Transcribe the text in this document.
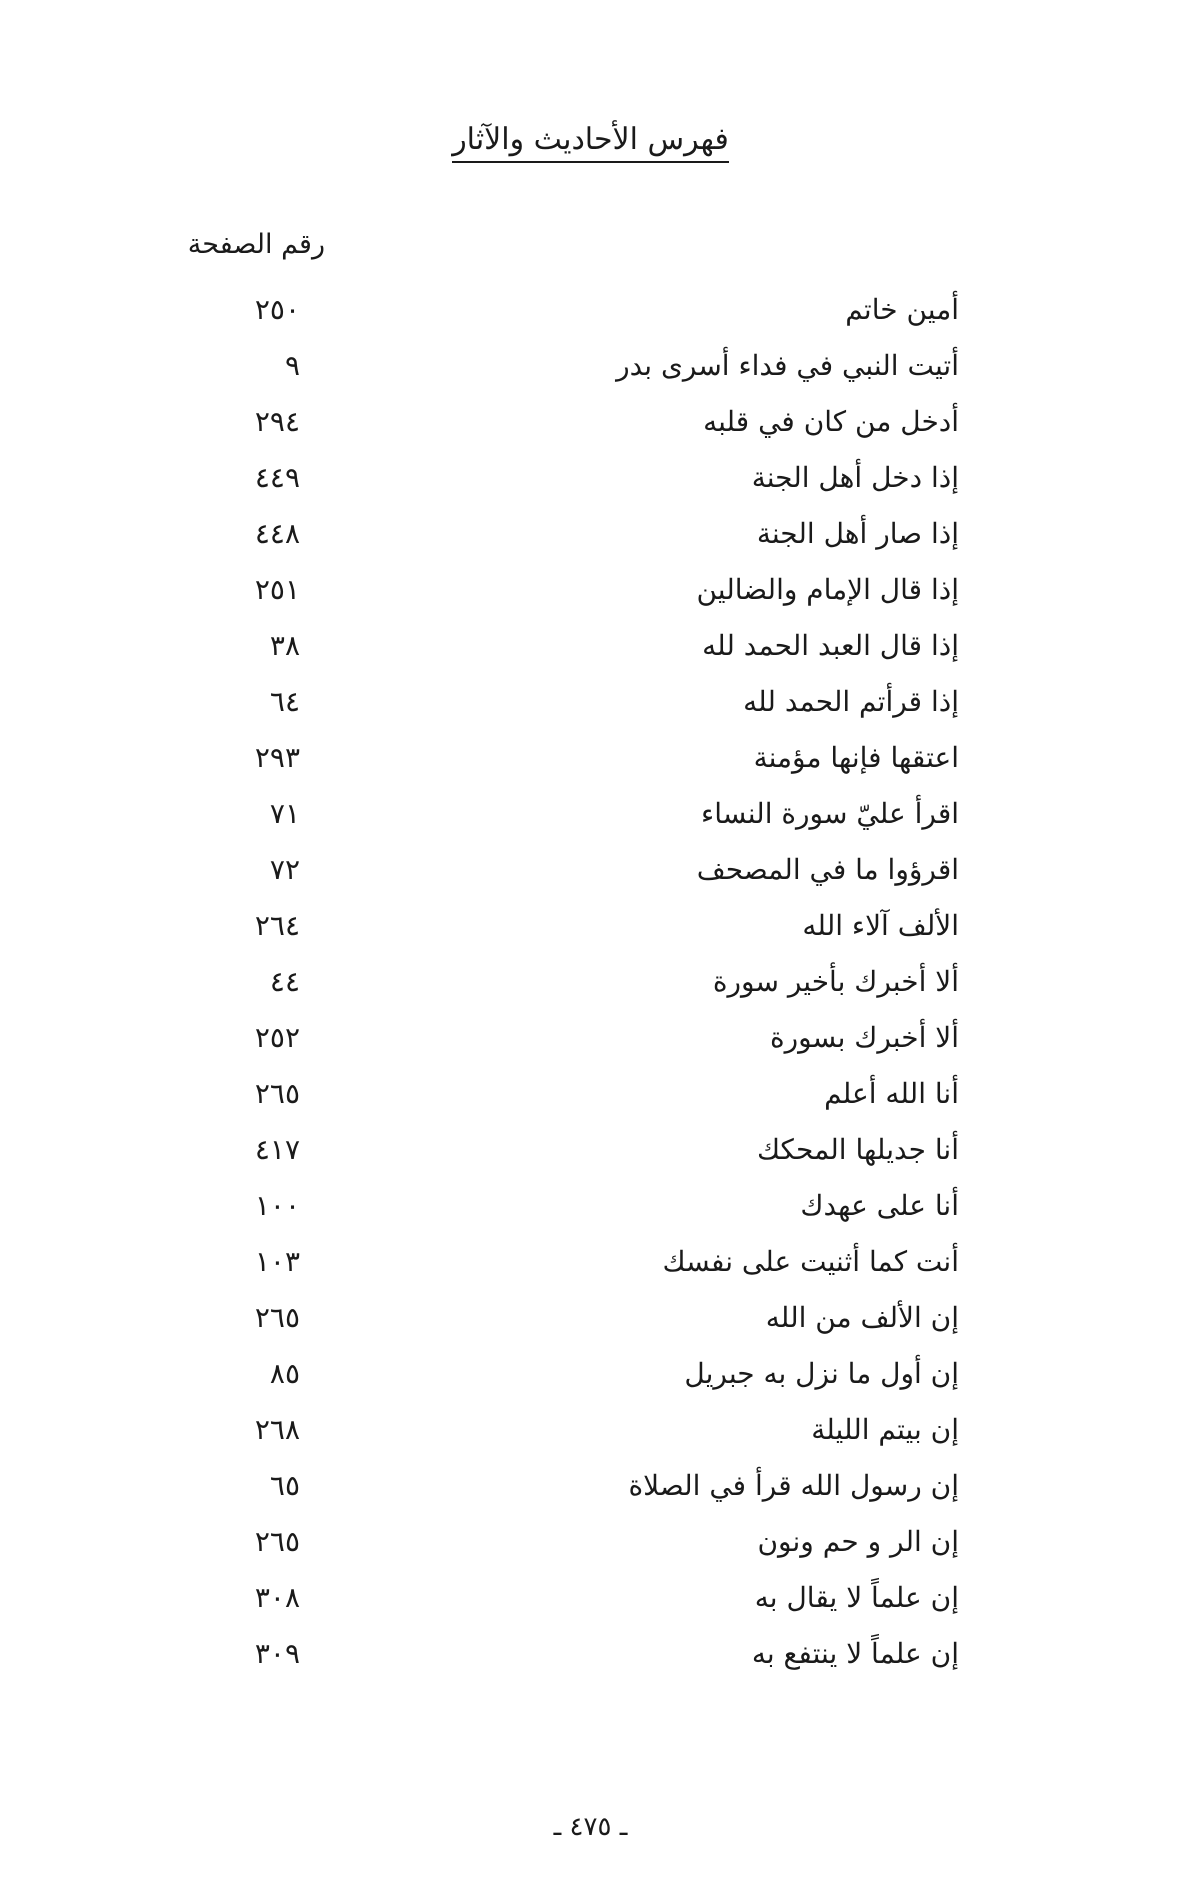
فهرس الأحاديث والآثار
رقم الصفحة
أمين خاتم
٢٥٠
أتيت النبي في فداء أسرى بدر
٩
أدخل من كان في قلبه
٢٩٤
إذا دخل أهل الجنة
٤٤٩
إذا صار أهل الجنة
٤٤٨
إذا قال الإمام والضالين
٢٥١
إذا قال العبد الحمد لله
٣٨
إذا قرأتم الحمد لله
٦٤
اعتقها فإنها مؤمنة
٢٩٣
اقرأ عليّ سورة النساء
٧١
اقرؤوا ما في المصحف
٧٢
الألف آلاء الله
٢٦٤
ألا أخبرك بأخير سورة
٤٤
ألا أخبرك بسورة
٢٥٢
أنا الله أعلم
٢٦٥
أنا جديلها المحكك
٤١٧
أنا على عهدك
١٠٠
أنت كما أثنيت على نفسك
١٠٣
إن الألف من الله
٢٦٥
إن أول ما نزل به جبريل
٨٥
إن بيتم الليلة
٢٦٨
إن رسول الله قرأ في الصلاة
٦٥
إن الر و حم ونون
٢٦٥
إن علماً لا يقال به
٣٠٨
إن علماً لا ينتفع به
٣٠٩
ـ ٤٧٥ ـ
